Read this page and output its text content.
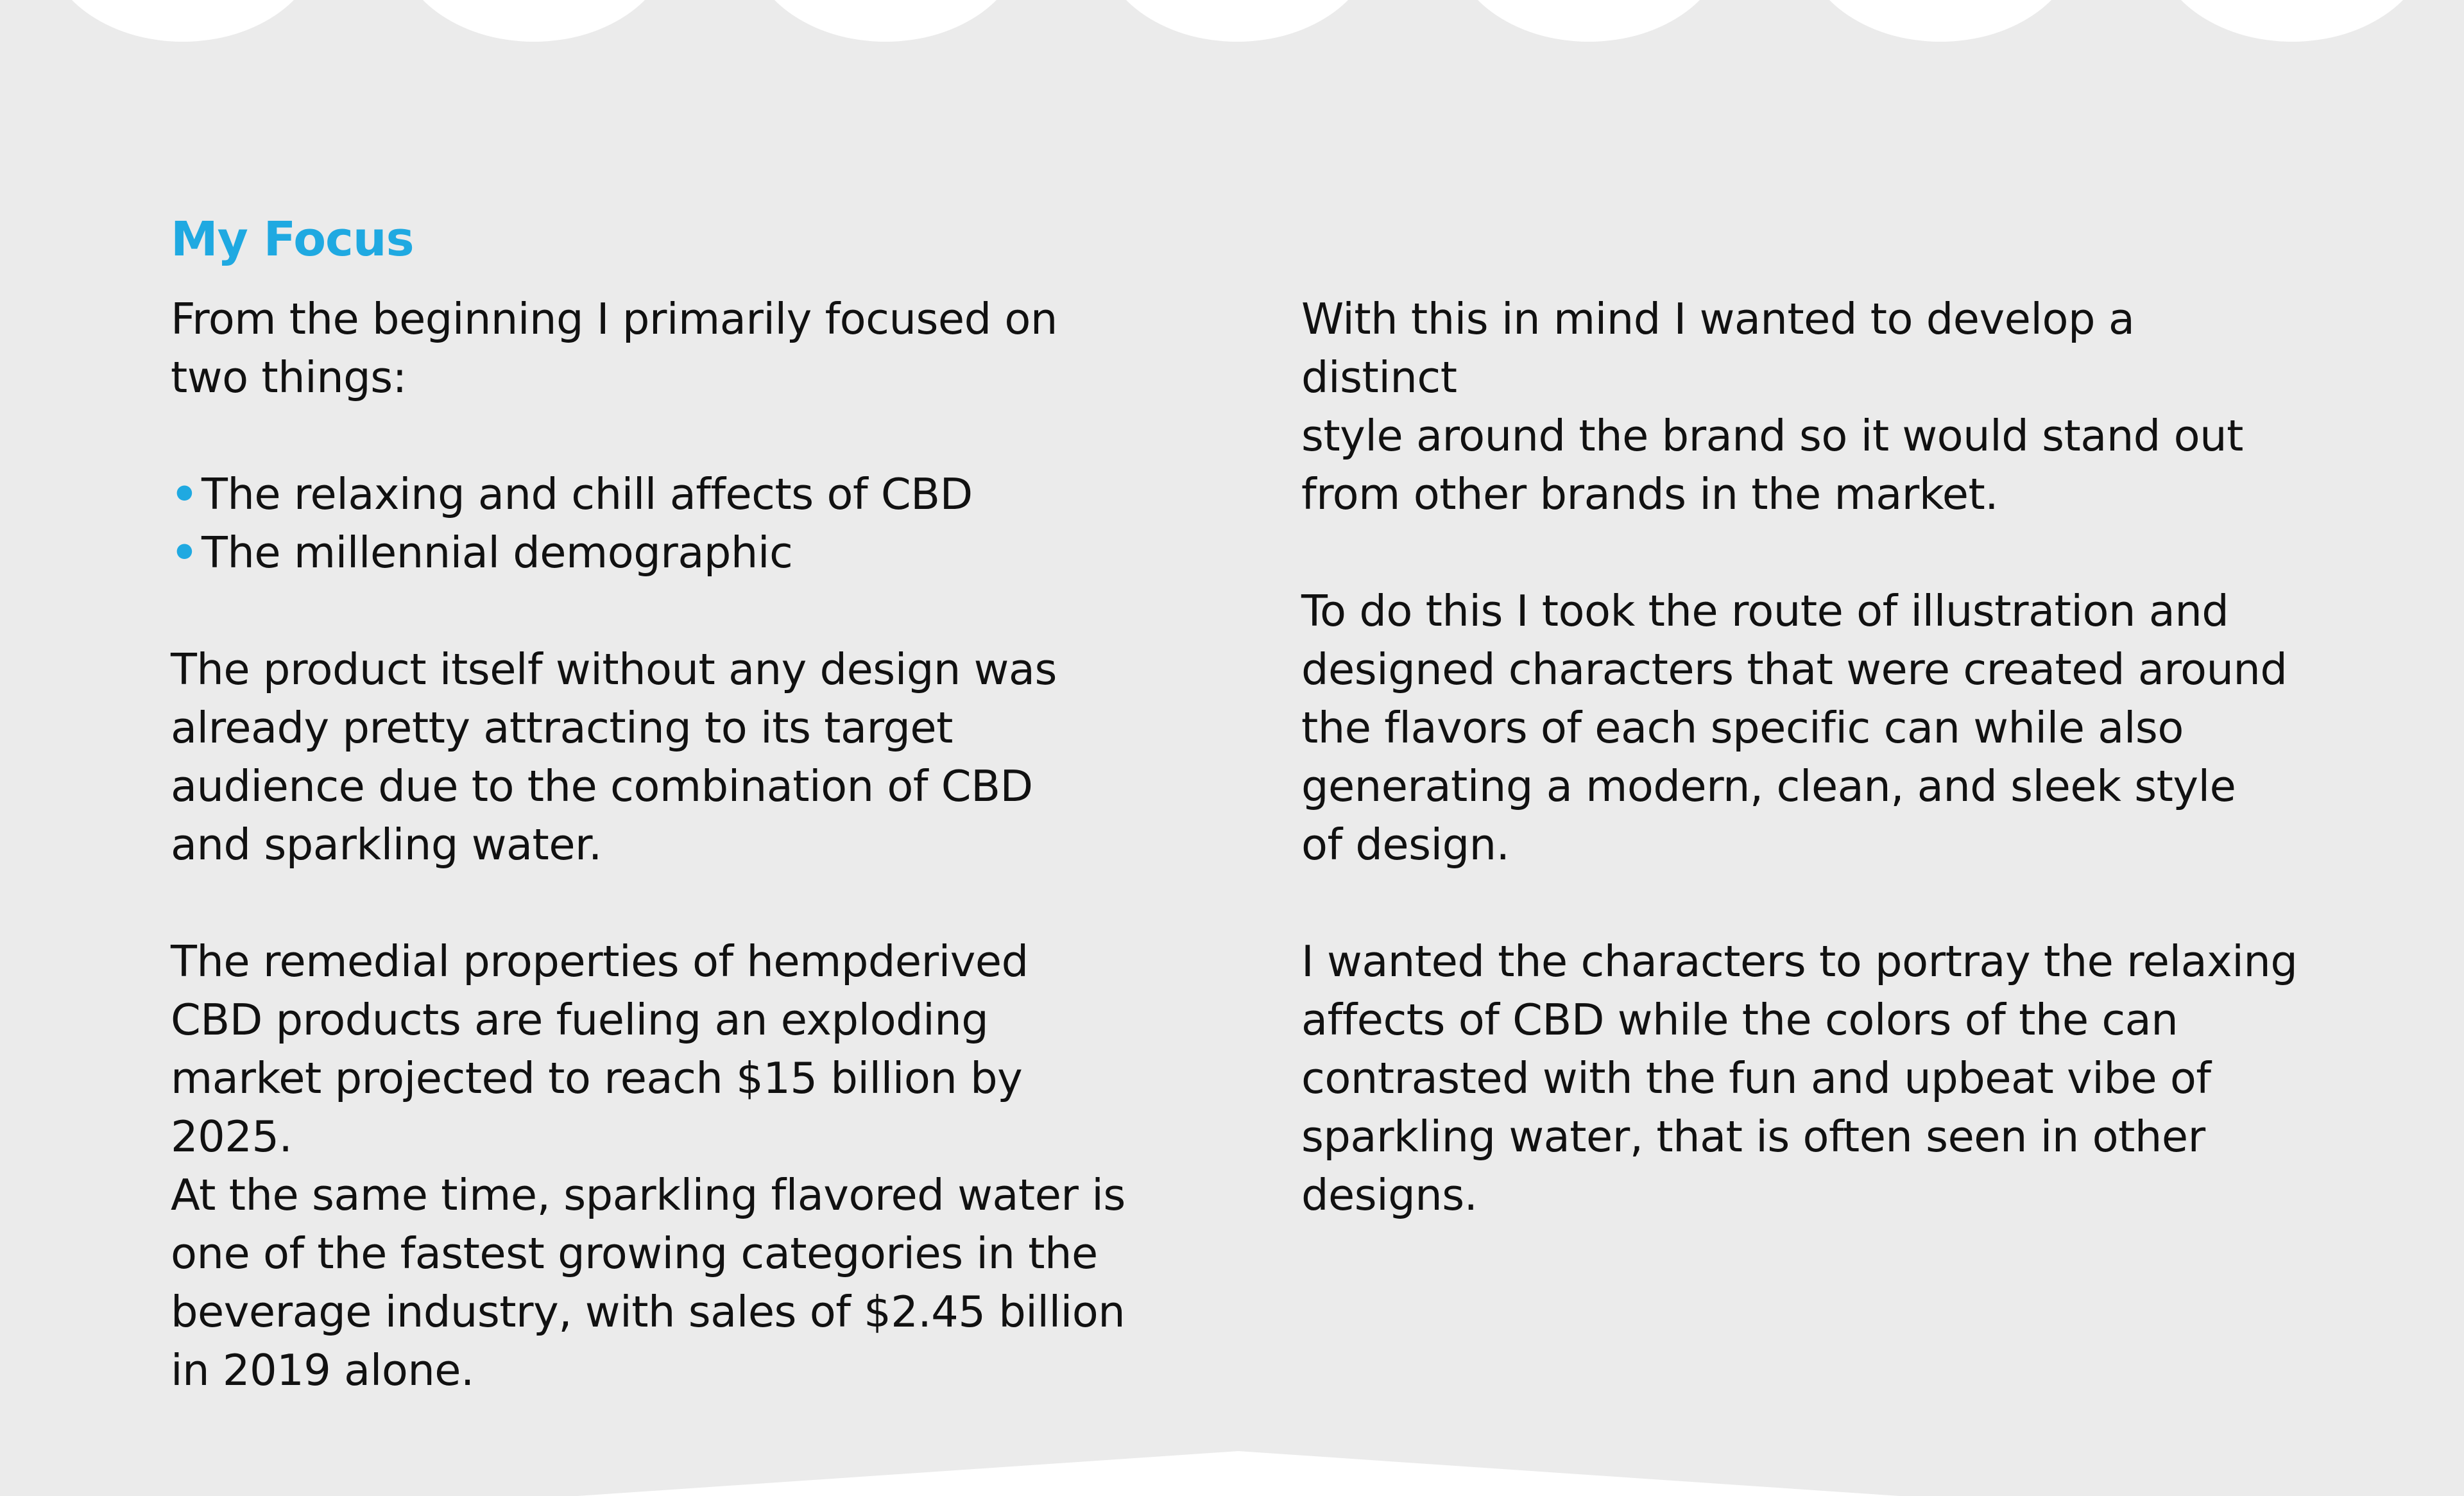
My Focus

From the beginning I primarily focused on
two things:

•The relaxing and chill affects of CBD
•The millennial demographic

The product itself without any design was
already pretty attracting to its target
audience due to the combination of CBD
and sparkling water.

The remedial properties of hempderived
CBD products are fueling an exploding
market projected to reach $15 billion by 2025.
At the same time, sparkling flavored water is
one of the fastest growing categories in the
beverage industry, with sales of $2.45 billion
in 2019 alone.

With this in mind I wanted to develop a distinct
style around the brand so it would stand out
from other brands in the market.

To do this I took the route of illustration and
designed characters that were created around
the flavors of each specific can while also
generating a modern, clean, and sleek style
of design.

I wanted the characters to portray the relaxing
affects of CBD while the colors of the can
contrasted with the fun and upbeat vibe of
sparkling water, that is often seen in other
designs.
